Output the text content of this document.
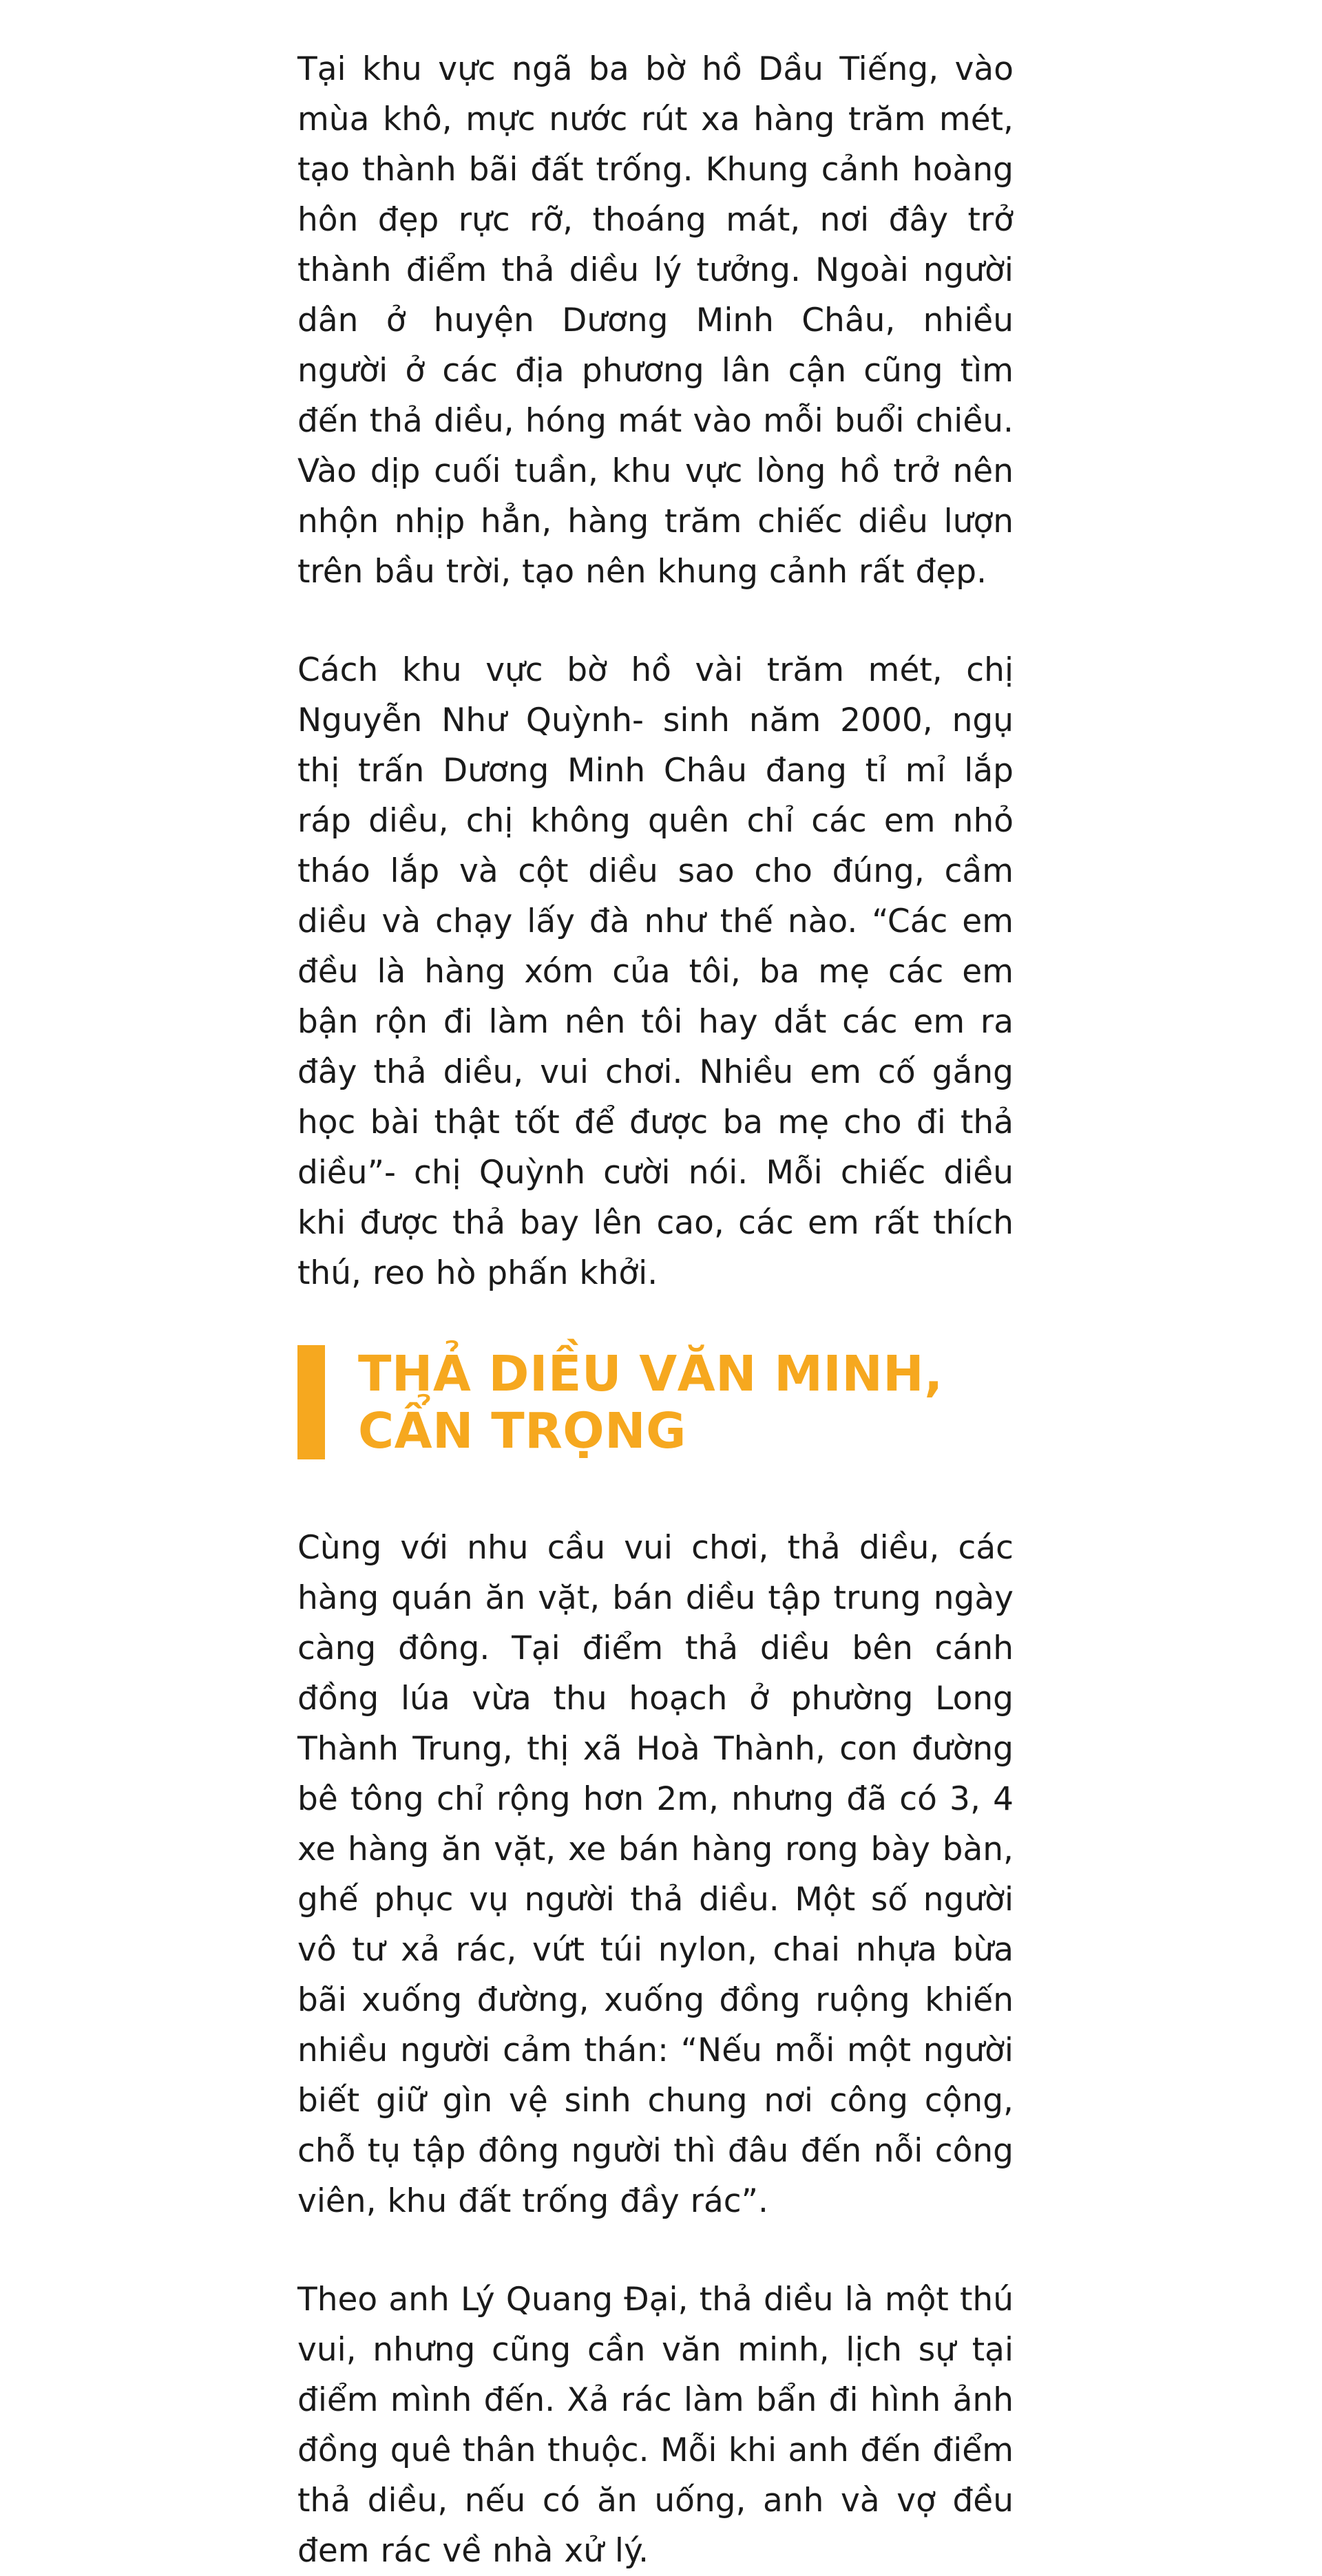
Tại khu vực ngã ba bờ hồ Dầu Tiếng, vào mùa khô, mực nước rút xa hàng trăm mét, tạo thành bãi đất trống. Khung cảnh hoàng hôn đẹp rực rỡ, thoáng mát, nơi đây trở thành điểm thả diều lý tưởng. Ngoài người dân ở huyện Dương Minh Châu, nhiều người ở các địa phương lân cận cũng tìm đến thả diều, hóng mát vào mỗi buổi chiều. Vào dịp cuối tuần, khu vực lòng hồ trở nên nhộn nhịp hẳn, hàng trăm chiếc diều lượn trên bầu trời, tạo nên khung cảnh rất đẹp.

Cách khu vực bờ hồ vài trăm mét, chị Nguyễn Như Quỳnh- sinh năm 2000, ngụ thị trấn Dương Minh Châu đang tỉ mỉ lắp ráp diều, chị không quên chỉ các em nhỏ tháo lắp và cột diều sao cho đúng, cầm diều và chạy lấy đà như thế nào. “Các em đều là hàng xóm của tôi, ba mẹ các em bận rộn đi làm nên tôi hay dắt các em ra đây thả diều, vui chơi. Nhiều em cố gắng học bài thật tốt để được ba mẹ cho đi thả diều”- chị Quỳnh cười nói. Mỗi chiếc diều khi được thả bay lên cao, các em rất thích thú, reo hò phấn khởi.

THẢ DIỀU VĂN MINH,
CẨN TRỌNG

Cùng với nhu cầu vui chơi, thả diều, các hàng quán ăn vặt, bán diều tập trung ngày càng đông. Tại điểm thả diều bên cánh đồng lúa vừa thu hoạch ở phường Long Thành Trung, thị xã Hoà Thành, con đường bê tông chỉ rộng hơn 2m, nhưng đã có 3, 4 xe hàng ăn vặt, xe bán hàng rong bày bàn, ghế phục vụ người thả diều. Một số người vô tư xả rác, vứt túi nylon, chai nhựa bừa bãi xuống đường, xuống đồng ruộng khiến nhiều người cảm thán: “Nếu mỗi một người biết giữ gìn vệ sinh chung nơi công cộng, chỗ tụ tập đông người thì đâu đến nỗi công viên, khu đất trống đầy rác”.

Theo anh Lý Quang Đại, thả diều là một thú vui, nhưng cũng cần văn minh, lịch sự tại điểm mình đến. Xả rác làm bẩn đi hình ảnh đồng quê thân thuộc. Mỗi khi anh đến điểm thả diều, nếu có ăn uống, anh và vợ đều đem rác về nhà xử lý.
